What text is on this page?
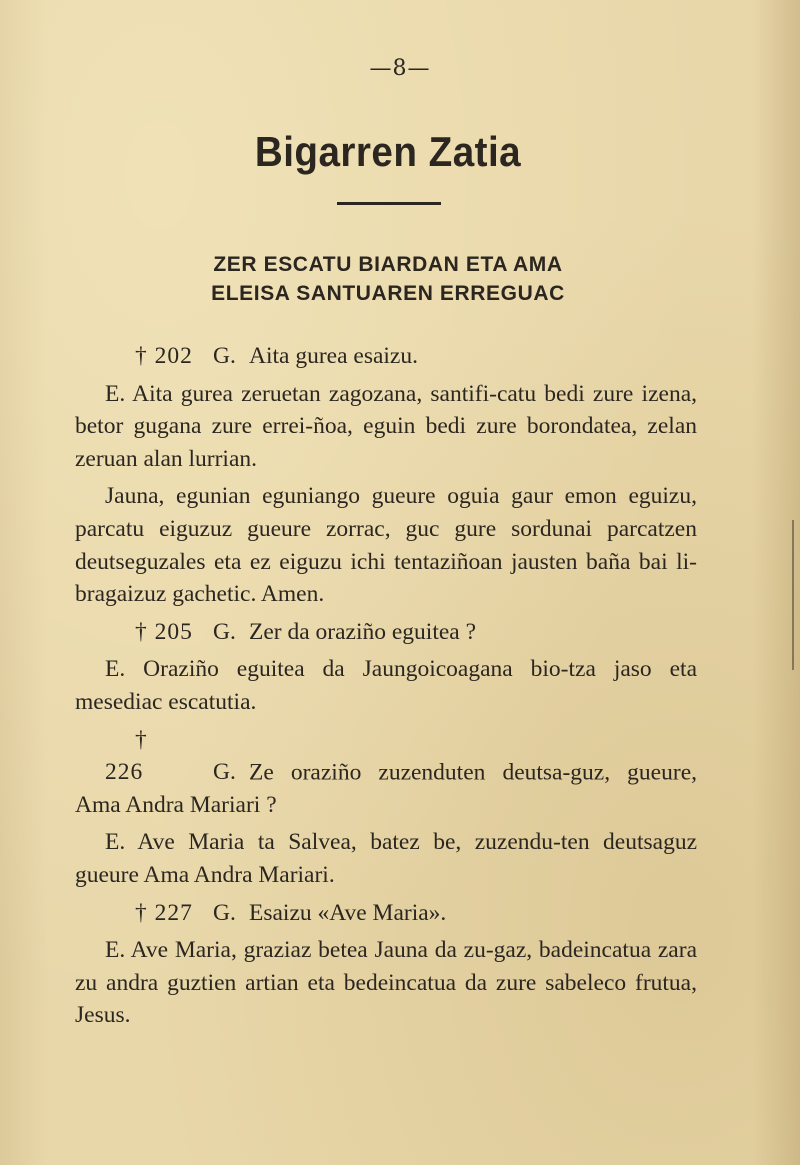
—8—
Bigarren Zatia
ZER ESCATU BIARDAN ETA AMA
ELEISA SANTUAREN ERREGUAC

† 202 G. Aita gurea esaizu.

E. Aita gurea zeruetan zagozana, santifi-catu bedi zure izena, betor gugana zure errei-ñoa, eguin bedi zure borondatea, zelan zeruan alan lurrian.

Jauna, egunian eguniango gueure oguia gaur emon eguizu, parcatu eiguzuz gueure zorrac, guc gure sordunai parcatzen deutseguzales eta ez eiguzu ichi tentaziñoan jausten baña bai li-bragaizuz gachetic. Amen.

† 205 G. Zer da oraziño eguitea ?

E. Oraziño eguitea da Jaungoicoagana bio-tza jaso eta mesediac escatutia.

† 226	G. Ze oraziño zuzenduten deutsa-guz, gueure, Ama Andra Mariari ?

E. Ave Maria ta Salvea, batez be, zuzendu-ten deutsaguz gueure Ama Andra Mariari.

† 227 G. Esaizu «Ave Maria».

E. Ave Maria, graziaz betea Jauna da zu-gaz, badeincatua zara zu andra guztien artian eta bedeincatua da zure sabeleco frutua, Jesus.
